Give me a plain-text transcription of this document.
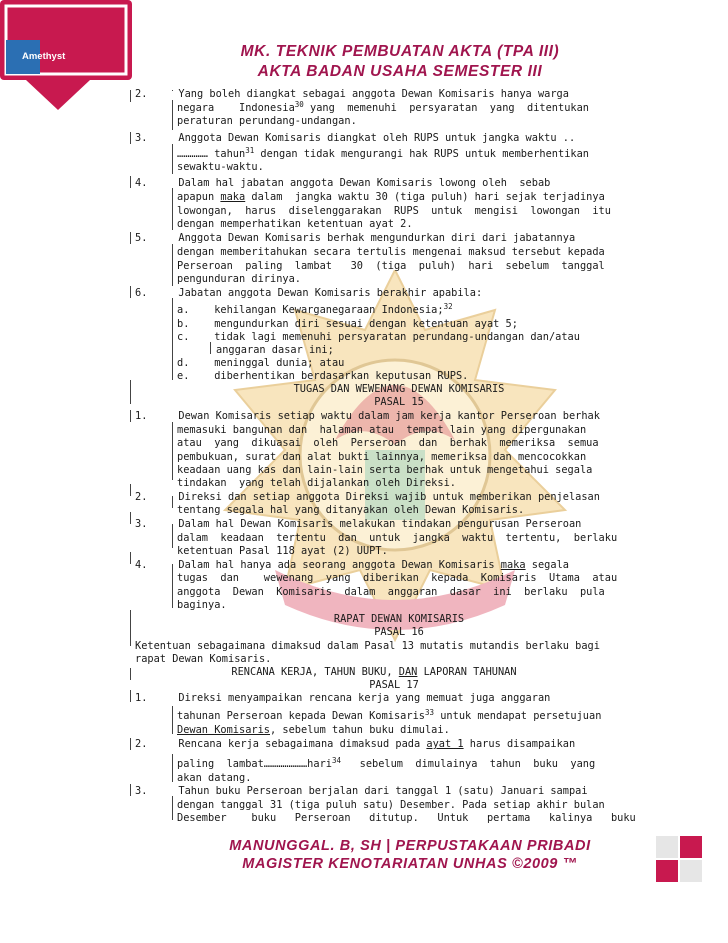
Amethyst	MK. TEKNIK PEMBUATAN AKTA (TPA III)
AKTA BADAN USAHA SEMESTER III
2.     Yang boleh diangkat sebagai anggota Dewan Komisaris hanya warga
negara    Indonesia$^{30}$ yang  memenuhi  persyaratan  yang  ditentukan
peraturan perundang-undangan.
3.     Anggota Dewan Komisaris diangkat oleh RUPS untuk jangka waktu ..
…………… tahun$^{31}$ dengan tidak mengurangi hak RUPS untuk memberhentikan
sewaktu-waktu.
4.     Dalam hal jabatan anggota Dewan Komisaris lowong oleh  sebab
apapun maka dalam  jangka waktu 30 (tiga puluh) hari sejak terjadinya
lowongan,  harus  diselenggarakan  RUPS  untuk  mengisi  lowongan  itu
dengan memperhatikan ketentuan ayat 2.
5.     Anggota Dewan Komisaris berhak mengundurkan diri dari jabatannya
dengan memberitahukan secara tertulis mengenai maksud tersebut kepada
Perseroan  paling  lambat   30  (tiga  puluh)  hari  sebelum  tanggal
pengunduran dirinya.
6.     Jabatan anggota Dewan Komisaris berakhir apabila:
a.    kehilangan Kewarganegaraan Indonesia;$^{32}$
b.    mengundurkan diri sesuai dengan ketentuan ayat 5;
c.    tidak lagi memenuhi persyaratan perundang-undangan dan/atau
anggaran dasar ini;
d.    meninggal dunia; atau
e.    diberhentikan berdasarkan keputusan RUPS.
TUGAS DAN WEWENANG DEWAN KOMISARIS
PASAL 15
1.     Dewan Komisaris setiap waktu dalam jam kerja kantor Perseroan berhak
memasuki bangunan dan  halaman atau  tempat lain yang dipergunakan
atau  yang  dikuasai  oleh  Perseroan  dan  berhak  memeriksa  semua
pembukuan, surat dan alat bukti lainnya, memeriksa dan mencocokkan
keadaan uang kas dan lain-lain serta berhak untuk mengetahui segala
tindakan  yang telah dijalankan oleh Direksi.
2.     Direksi dan setiap anggota Direksi wajib untuk memberikan penjelasan
tentang segala hal yang ditanyakan oleh Dewan Komisaris.
3.     Dalam hal Dewan Komisaris melakukan tindakan pengurusan Perseroan
dalam  keadaan  tertentu  dan  untuk  jangka  waktu  tertentu,  berlaku
ketentuan Pasal 118 ayat (2) UUPT.
4.     Dalam hal hanya ada seorang anggota Dewan Komisaris maka segala
tugas  dan    wewenang  yang  diberikan  kepada  Komisaris  Utama  atau
anggota  Dewan  Komisaris  dalam  anggaran  dasar  ini  berlaku  pula
baginya.
RAPAT DEWAN KOMISARIS
PASAL 16
Ketentuan sebagaimana dimaksud dalam Pasal 13 mutatis mutandis berlaku bagi
rapat Dewan Komisaris.
RENCANA KERJA, TAHUN BUKU, DAN LAPORAN TAHUNAN
PASAL 17
1.     Direksi menyampaikan rencana kerja yang memuat juga anggaran
tahunan Perseroan kepada Dewan Komisaris$^{33}$ untuk mendapat persetujuan
Dewan Komisaris, sebelum tahun buku dimulai.
2.     Rencana kerja sebagaimana dimaksud pada ayat 1 harus disampaikan
paling  lambat…………………hari$^{34}$   sebelum  dimulainya  tahun  buku  yang
akan datang.
3.     Tahun buku Perseroan berjalan dari tanggal 1 (satu) Januari sampai
dengan tanggal 31 (tiga puluh satu) Desember. Pada setiap akhir bulan
Desember    buku   Perseroan   ditutup.   Untuk   pertama   kalinya   buku
MANUNGGAL. B, SH | PERPUSTAKAAN PRIBADI
MAGISTER KENOTARIATAN UNHAS ©2009 ™
